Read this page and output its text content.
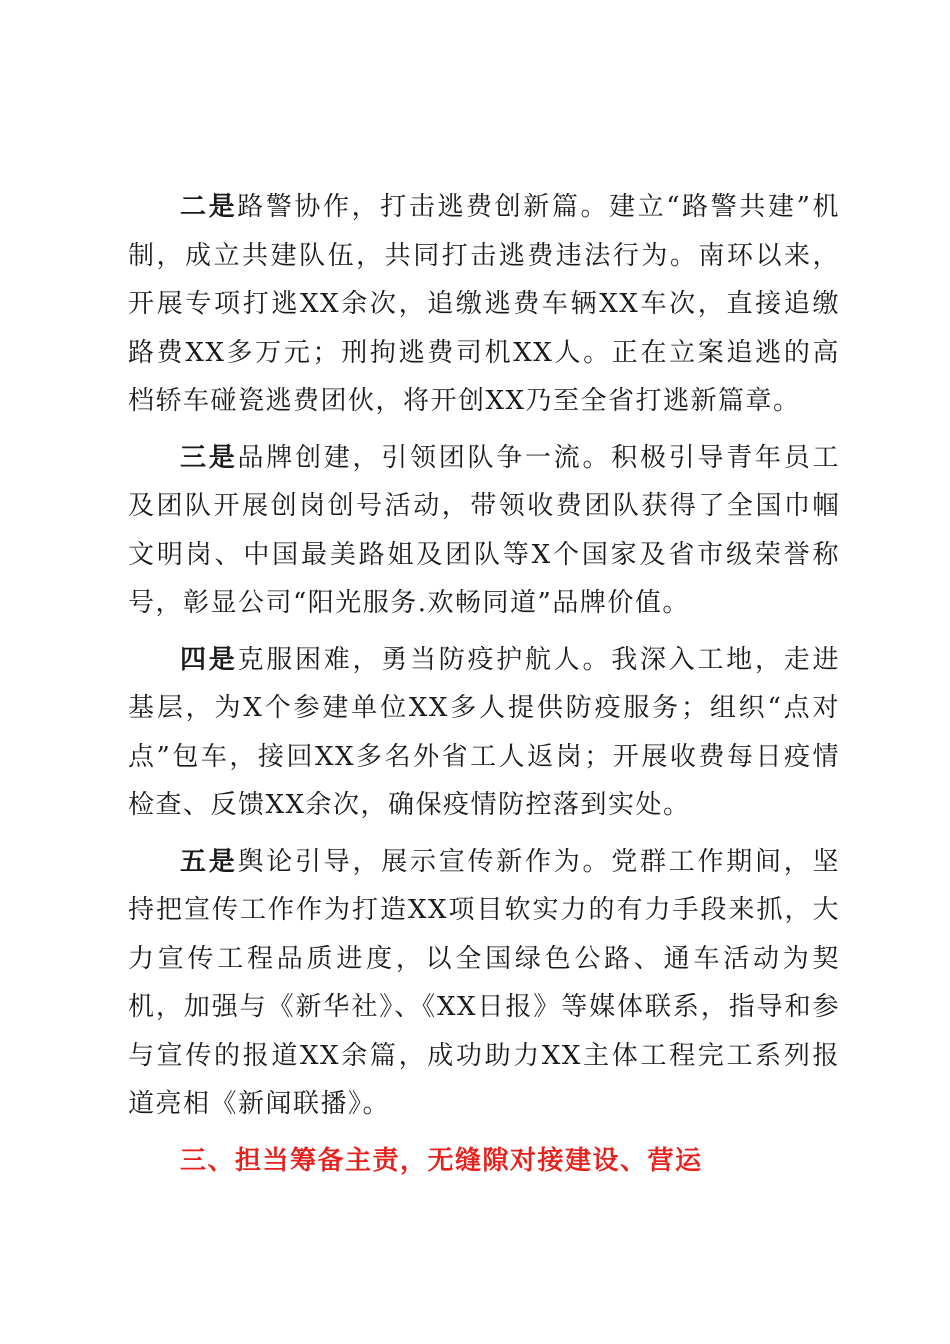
二是路警协作，打击逃费创新篇。建立“路警共建”机制，成立共建队伍，共同打击逃费违法行为。南环以来，开展专项打逃XX余次，追缴逃费车辆XX车次，直接追缴路费XX多万元；刑拘逃费司机XX人。正在立案追逃的高档轿车碰瓷逃费团伙，将开创XX乃至全省打逃新篇章。

三是品牌创建，引领团队争一流。积极引导青年员工及团队开展创岗创号活动，带领收费团队获得了全国巾帼文明岗、中国最美路姐及团队等X个国家及省市级荣誉称号，彰显公司“阳光服务.欢畅同道”品牌价值。

四是克服困难，勇当防疫护航人。我深入工地，走进基层，为X个参建单位XX多人提供防疫服务；组织“点对点”包车，接回XX多名外省工人返岗；开展收费每日疫情检查、反馈XX余次，确保疫情防控落到实处。

五是舆论引导，展示宣传新作为。党群工作期间，坚持把宣传工作作为打造XX项目软实力的有力手段来抓，大力宣传工程品质进度，以全国绿色公路、通车活动为契机，加强与《新华社》、《XX日报》等媒体联系，指导和参与宣传的报道XX余篇，成功助力XX主体工程完工系列报道亮相《新闻联播》。

三、担当筹备主责，无缝隙对接建设、营运
